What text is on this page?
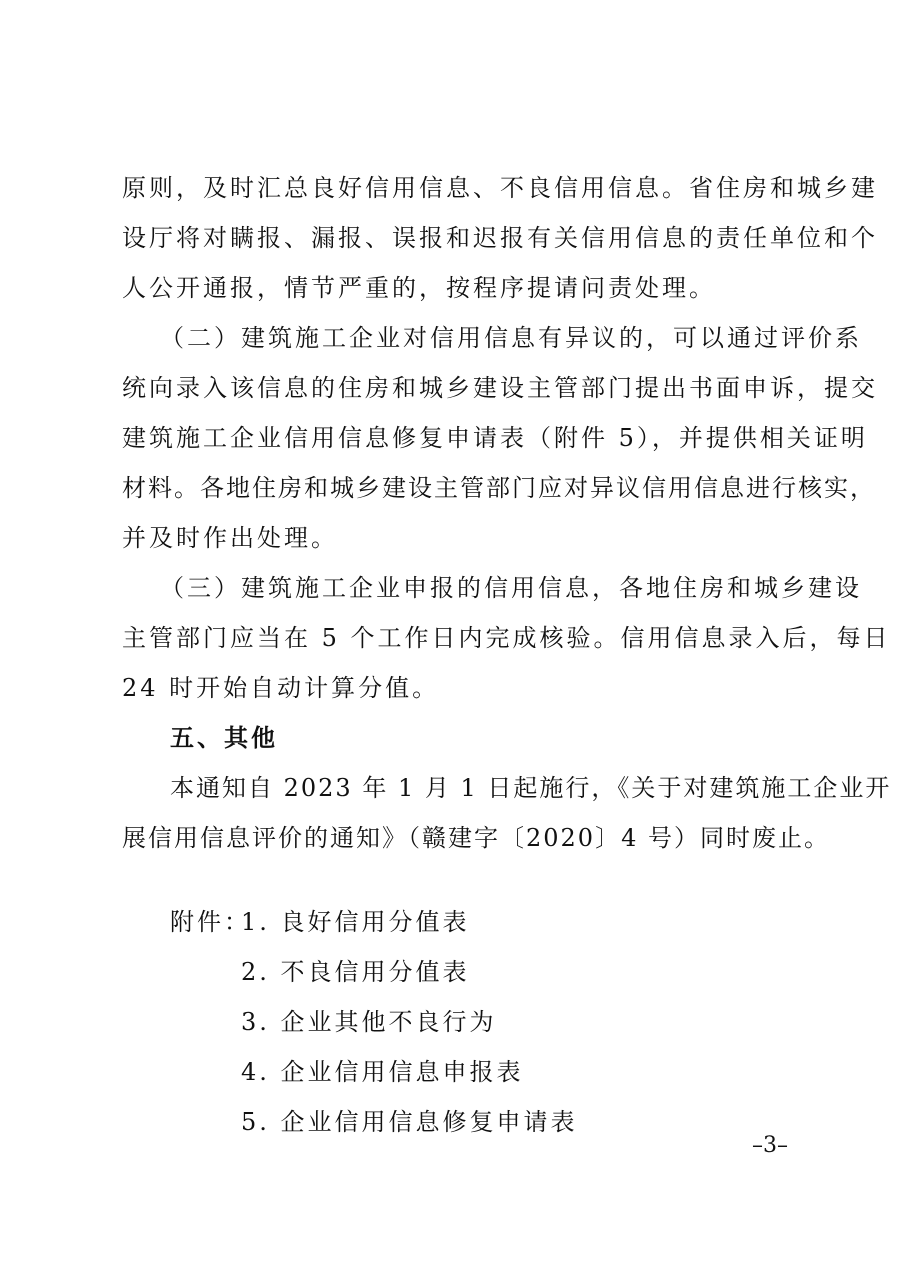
原则，及时汇总良好信用信息、不良信用信息。省住房和城乡建
设厅将对瞒报、漏报、误报和迟报有关信用信息的责任单位和个
人公开通报，情节严重的，按程序提请问责处理。
（二）建筑施工企业对信用信息有异议的，可以通过评价系
统向录入该信息的住房和城乡建设主管部门提出书面申诉，提交
建筑施工企业信用信息修复申请表（附件 5），并提供相关证明
材料。各地住房和城乡建设主管部门应对异议信用信息进行核实，
并及时作出处理。
（三）建筑施工企业申报的信用信息，各地住房和城乡建设
主管部门应当在 5 个工作日内完成核验。信用信息录入后，每日
24 时开始自动计算分值。
五、其他
本通知自 2023 年 1 月 1 日起施行，《关于对建筑施工企业开
展信用信息评价的通知》（赣建字〔2020〕4 号）同时废止。
附件：
1. 良好信用分值表
2. 不良信用分值表
3. 企业其他不良行为
4. 企业信用信息申报表
5. 企业信用信息修复申请表
–3–
